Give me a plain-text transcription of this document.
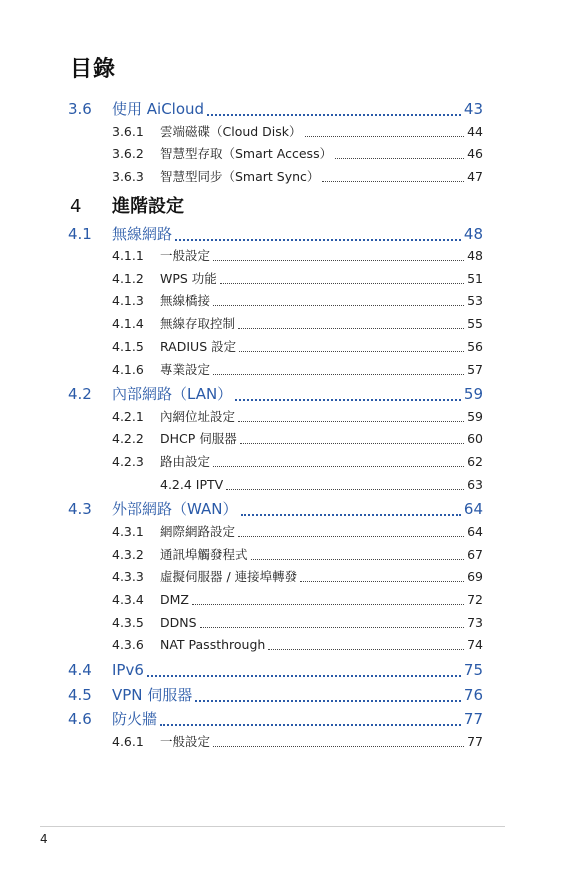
目錄
3.6 使用 AiCloud	43
3.6.1 雲端磁碟（Cloud Disk）	44
3.6.2 智慧型存取（Smart Access）	46
3.6.3 智慧型同步（Smart Sync）	47
4 進階設定
4.1 無線網路	48
4.1.1 一般設定	48
4.1.2 WPS 功能	51
4.1.3 無線橋接	53
4.1.4 無線存取控制	55
4.1.5 RADIUS 設定	56
4.1.6 專業設定	57
4.2 內部網路（LAN）	59
4.2.1 內網位址設定	59
4.2.2 DHCP 伺服器	60
4.2.3 路由設定	62
4.2.4 IPTV	63
4.3 外部網路（WAN）	64
4.3.1 網際網路設定	64
4.3.2 通訊埠觸發程式	67
4.3.3 虛擬伺服器 / 連接埠轉發	69
4.3.4 DMZ	72
4.3.5 DDNS	73
4.3.6 NAT Passthrough	74
4.4 IPv6	75
4.5 VPN 伺服器	76
4.6 防火牆	77
4.6.1 一般設定	77
4
